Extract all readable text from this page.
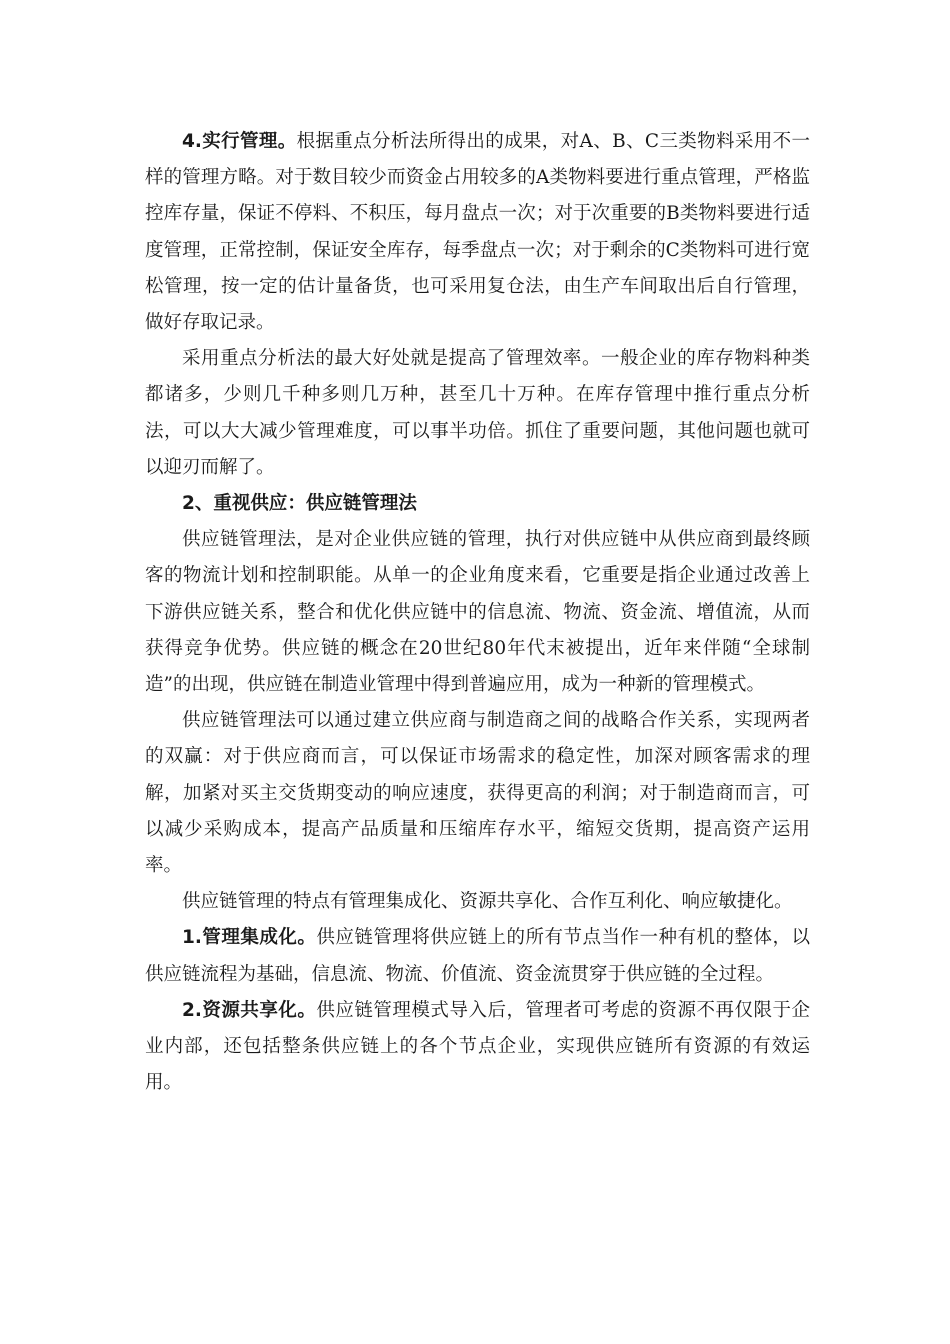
4.实行管理。根据重点分析法所得出的成果，对A、B、C三类物料采用不一样的管理方略。对于数目较少而资金占用较多的A类物料要进行重点管理，严格监控库存量，保证不停料、不积压，每月盘点一次；对于次重要的B类物料要进行适度管理，正常控制，保证安全库存，每季盘点一次；对于剩余的C类物料可进行宽松管理，按一定的估计量备货，也可采用复仓法，由生产车间取出后自行管理，做好存取记录。

采用重点分析法的最大好处就是提高了管理效率。一般企业的库存物料种类都诸多，少则几千种多则几万种，甚至几十万种。在库存管理中推行重点分析法，可以大大减少管理难度，可以事半功倍。抓住了重要问题，其他问题也就可以迎刃而解了。

2、重视供应：供应链管理法

供应链管理法，是对企业供应链的管理，执行对供应链中从供应商到最终顾客的物流计划和控制职能。从单一的企业角度来看，它重要是指企业通过改善上下游供应链关系，整合和优化供应链中的信息流、物流、资金流、增值流，从而获得竞争优势。供应链的概念在20世纪80年代末被提出，近年来伴随“全球制造”的出现，供应链在制造业管理中得到普遍应用，成为一种新的管理模式。

供应链管理法可以通过建立供应商与制造商之间的战略合作关系，实现两者的双赢：对于供应商而言，可以保证市场需求的稳定性，加深对顾客需求的理解，加紧对买主交货期变动的响应速度，获得更高的利润；对于制造商而言，可以减少采购成本，提高产品质量和压缩库存水平，缩短交货期，提高资产运用率。

供应链管理的特点有管理集成化、资源共享化、合作互利化、响应敏捷化。

1.管理集成化。供应链管理将供应链上的所有节点当作一种有机的整体，以供应链流程为基础，信息流、物流、价值流、资金流贯穿于供应链的全过程。

2.资源共享化。供应链管理模式导入后，管理者可考虑的资源不再仅限于企业内部，还包括整条供应链上的各个节点企业，实现供应链所有资源的有效运用。
